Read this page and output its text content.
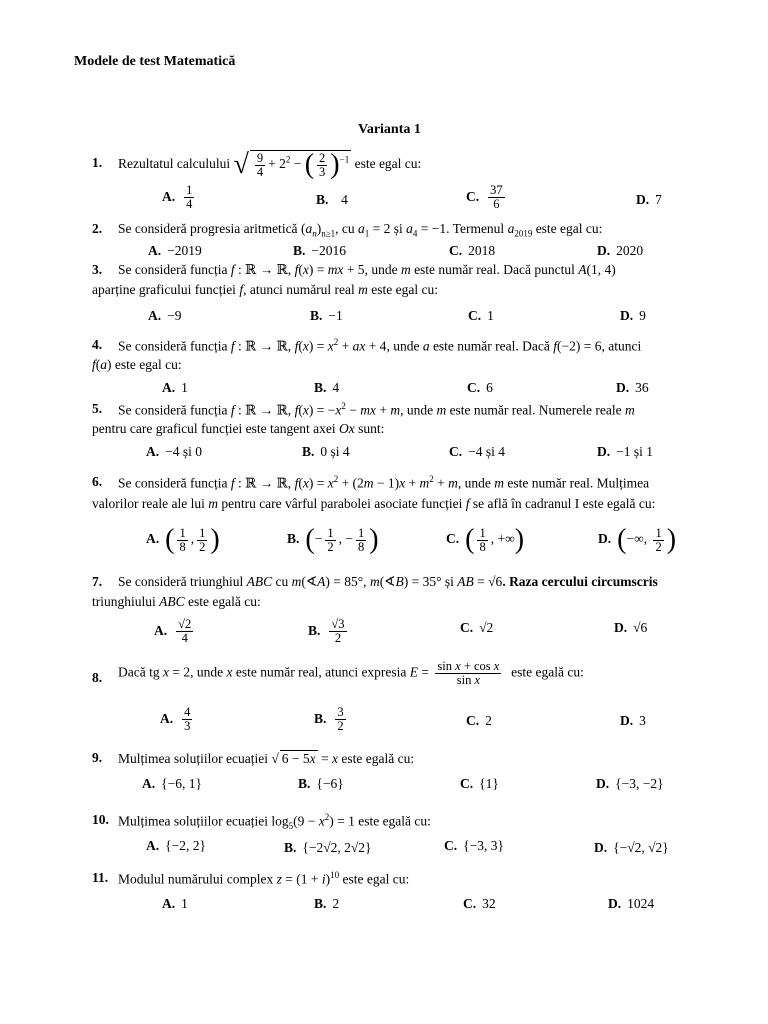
Modele de test Matematică
Varianta 1
1. Rezultatul calculului √ $\frac{9}{4} + 2^2$ − ( $\frac{2}{3} )^{-1}$ este egal cu:
A. $\frac{1}{4}$	B. 4	C. $\frac{37}{6}$	D. 7
2. Se consideră progresia aritmetică $(a_n)_{n\ge 1}$, cu $a_1 = 2$ și $a_4 = -1$. Termenul $a_{2019}$ este egal cu:
A. −2019	B. −2016	C. 2018	D. 2020
3. Se consideră funcția f : ℝ → ℝ, f(x) = mx + 5, unde m este număr real. Dacă punctul A(1, 4)
aparține graficului funcției f, atunci numărul real m este egal cu:
A. −9	B. −1	C. 1	D. 9
4. Se consideră funcția f : ℝ → ℝ, $f(x) = x^2$ + ax + 4, unde a este număr real. Dacă f(−2) = 6, atunci
f(a) este egal cu:
A. 1	B. 4	C. 6	D. 36
5. Se consideră funcția f : ℝ → ℝ, $f(x) = -x^2$ − mx + m, unde m este număr real. Numerele reale m
pentru care graficul funcției este tangent axei Ox sunt:
A. −4 și 0	B. 0 și 4	C. −4 și 4	D. −1 și 1
6. Se consideră funcția f : ℝ → ℝ, $f(x) = x^2 + (2m - 1)x + m^2 + m$, unde m este număr real. Mulțimea
valorilor reale ale lui m pentru care vârful parabolei asociate funcției f se află în cadranul I este egală cu:
A. ( $\frac{1}{8}$ , $\frac{1}{2}$ )	B. (− $\frac{1}{2}$ , − $\frac{1}{8}$ )	C. ( $\frac{1}{8}$ , +∞)	D. (−∞, $\frac{1}{2}$ )
7. Se consideră triunghiul ABC cu m(∢A) = 85°, m(∢B) = 35° și AB = √6. Raza cercului circumscris
triunghiului ABC este egală cu:
A. $\frac{√2}{4}$	B. $\frac{√3}{2}$	C. √2	D. √6
8. Dacă tg x = 2, unde x este număr real, atunci expresia $E = \frac{\text{sin x + cos x}}{\text{sin x}}$ este egală cu:
A. $\frac{4}{3}$	B. $\frac{3}{2}$	C. 2	D. 3
9. Mulțimea soluțiilor ecuației √ 6 − 5x = x este egală cu:
A. {−6, 1}	B. {−6}	C. {1}	D. {−3, −2}
10. Mulțimea soluțiilor ecuației $\log_5(9 - x^2) = 1$ este egală cu:
A. {−2, 2}	B. {−2√2, 2√2}	C. {−3, 3}	D. {−√2, √2}
11. Modulul numărului complex $z = (1 + i)^{10}$ este egal cu:
A. 1	B. 2	C. 32	D. 1024
